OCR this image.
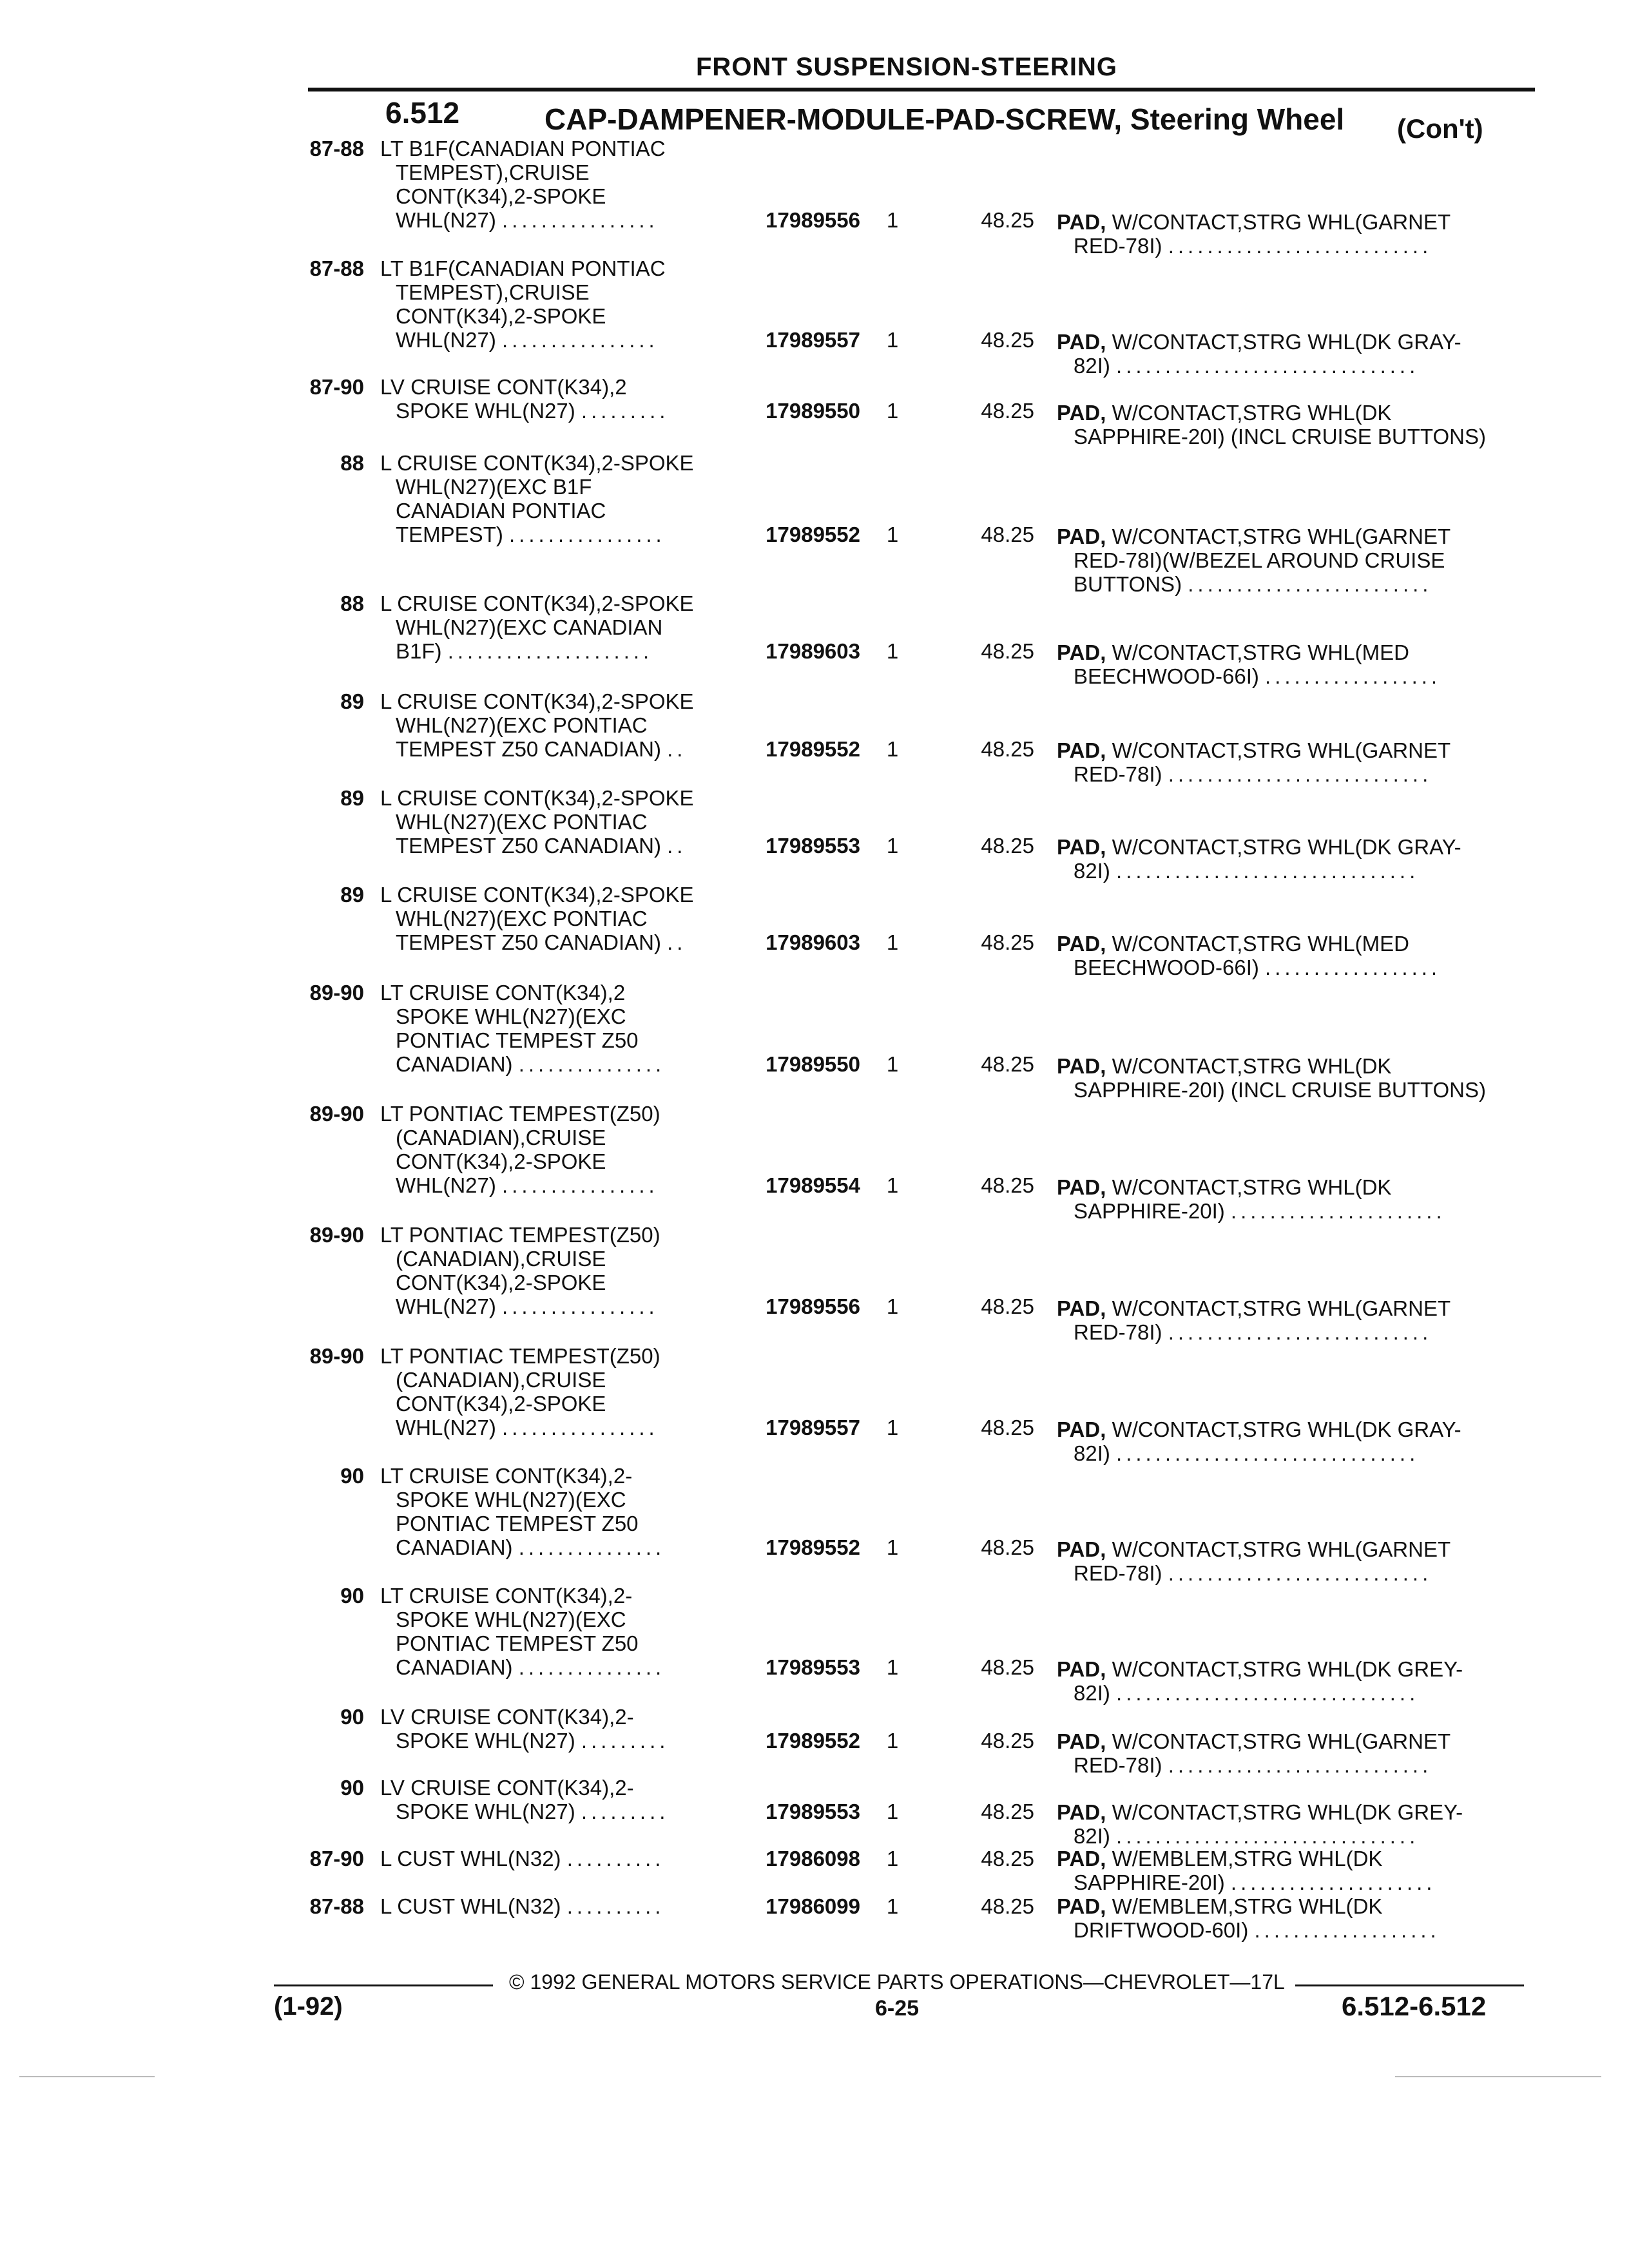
FRONT SUSPENSION-STEERING
6.512	CAP-DAMPENER-MODULE-PAD-SCREW, Steering Wheel (Con't)
87-88 LT B1F(CANADIAN PONTIAC
TEMPEST),CRUISE
CONT(K34),2-SPOKE
WHL(N27) ................	17989556	1	48.25 PAD, W/CONTACT,STRG WHL(GARNET
RED-78I) ...........................
87-88 LT B1F(CANADIAN PONTIAC
TEMPEST),CRUISE
CONT(K34),2-SPOKE
WHL(N27) ................	17989557	1	48.25 PAD, W/CONTACT,STRG WHL(DK GRAY-
82I) ...............................
87-90 LV CRUISE CONT(K34),2
SPOKE WHL(N27) .........	17989550	1	48.25 PAD, W/CONTACT,STRG WHL(DK
SAPPHIRE-20I) (INCL CRUISE BUTTONS)
88 L CRUISE CONT(K34),2-SPOKE
WHL(N27)(EXC B1F
CANADIAN PONTIAC
TEMPEST) ................	17989552	1	48.25 PAD, W/CONTACT,STRG WHL(GARNET
RED-78I)(W/BEZEL AROUND CRUISE
BUTTONS) .........................
88 L CRUISE CONT(K34),2-SPOKE
WHL(N27)(EXC CANADIAN
B1F) .....................	17989603	1	48.25 PAD, W/CONTACT,STRG WHL(MED
BEECHWOOD-66I) ..................
89 L CRUISE CONT(K34),2-SPOKE
WHL(N27)(EXC PONTIAC
TEMPEST Z50 CANADIAN) ..	17989552	1	48.25 PAD, W/CONTACT,STRG WHL(GARNET
RED-78I) ...........................
89 L CRUISE CONT(K34),2-SPOKE
WHL(N27)(EXC PONTIAC
TEMPEST Z50 CANADIAN) ..	17989553	1	48.25 PAD, W/CONTACT,STRG WHL(DK GRAY-
82I) ...............................
89 L CRUISE CONT(K34),2-SPOKE
WHL(N27)(EXC PONTIAC
TEMPEST Z50 CANADIAN) ..	17989603	1	48.25 PAD, W/CONTACT,STRG WHL(MED
BEECHWOOD-66I) ..................
89-90 LT CRUISE CONT(K34),2
SPOKE WHL(N27)(EXC
PONTIAC TEMPEST Z50
CANADIAN) ...............	17989550	1	48.25 PAD, W/CONTACT,STRG WHL(DK
SAPPHIRE-20I) (INCL CRUISE BUTTONS)
89-90 LT PONTIAC TEMPEST(Z50)
(CANADIAN),CRUISE
CONT(K34),2-SPOKE
WHL(N27) ................	17989554	1	48.25 PAD, W/CONTACT,STRG WHL(DK
SAPPHIRE-20I) ......................
89-90 LT PONTIAC TEMPEST(Z50)
(CANADIAN),CRUISE
CONT(K34),2-SPOKE
WHL(N27) ................	17989556	1	48.25 PAD, W/CONTACT,STRG WHL(GARNET
RED-78I) ...........................
89-90 LT PONTIAC TEMPEST(Z50)
(CANADIAN),CRUISE
CONT(K34),2-SPOKE
WHL(N27) ................	17989557	1	48.25 PAD, W/CONTACT,STRG WHL(DK GRAY-
82I) ...............................
90 LT CRUISE CONT(K34),2-
SPOKE WHL(N27)(EXC
PONTIAC TEMPEST Z50
CANADIAN) ...............	17989552	1	48.25 PAD, W/CONTACT,STRG WHL(GARNET
RED-78I) ...........................
90 LT CRUISE CONT(K34),2-
SPOKE WHL(N27)(EXC
PONTIAC TEMPEST Z50
CANADIAN) ...............	17989553	1	48.25 PAD, W/CONTACT,STRG WHL(DK GREY-
82I) ...............................
90 LV CRUISE CONT(K34),2-
SPOKE WHL(N27) .........	17989552	1	48.25 PAD, W/CONTACT,STRG WHL(GARNET
RED-78I) ...........................
90 LV CRUISE CONT(K34),2-
SPOKE WHL(N27) .........	17989553	1	48.25 PAD, W/CONTACT,STRG WHL(DK GREY-
82I) ...............................
87-90 L CUST WHL(N32) ..........	17986098	1	48.25 PAD, W/EMBLEM,STRG WHL(DK
SAPPHIRE-20I) .....................
87-88 L CUST WHL(N32) ..........	17986099	1	48.25 PAD, W/EMBLEM,STRG WHL(DK
DRIFTWOOD-60I) ...................
© 1992 GENERAL MOTORS SERVICE PARTS OPERATIONS—CHEVROLET—17L
(1-92)	6-25	6.512-6.512
